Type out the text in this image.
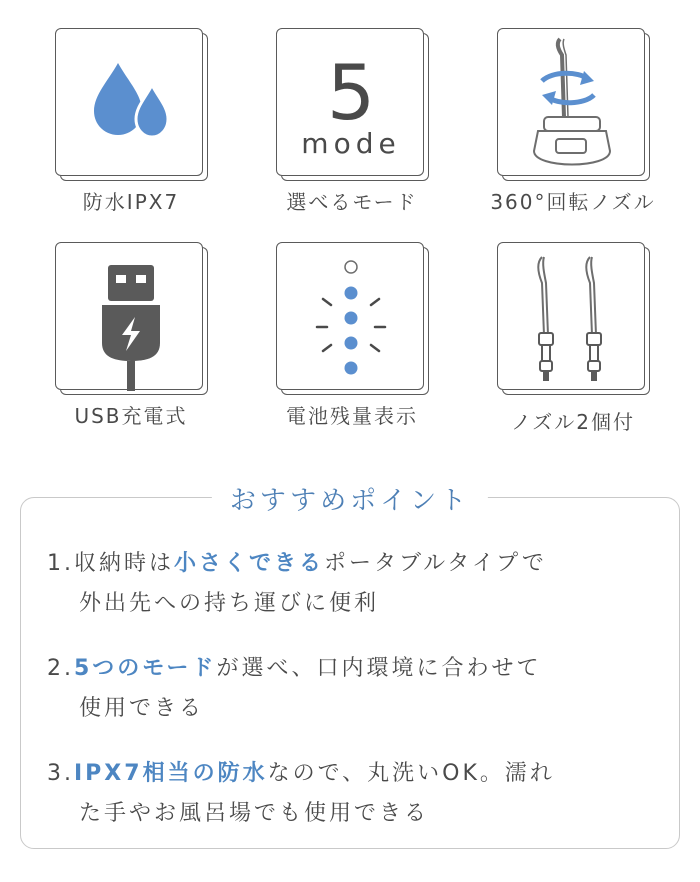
防水IPX7
5
mode
選べるモード	360°回転ノズル
USB充電式	電池残量表示	ノズル2個付
おすすめポイント
1.収納時は小さくできるポータブルタイプで
外出先への持ち運びに便利
2.5つのモードが選べ、口内環境に合わせて
使用できる
3.IPX7相当の防水なので、丸洗いOK。濡れ
た手やお風呂場でも使用できる
